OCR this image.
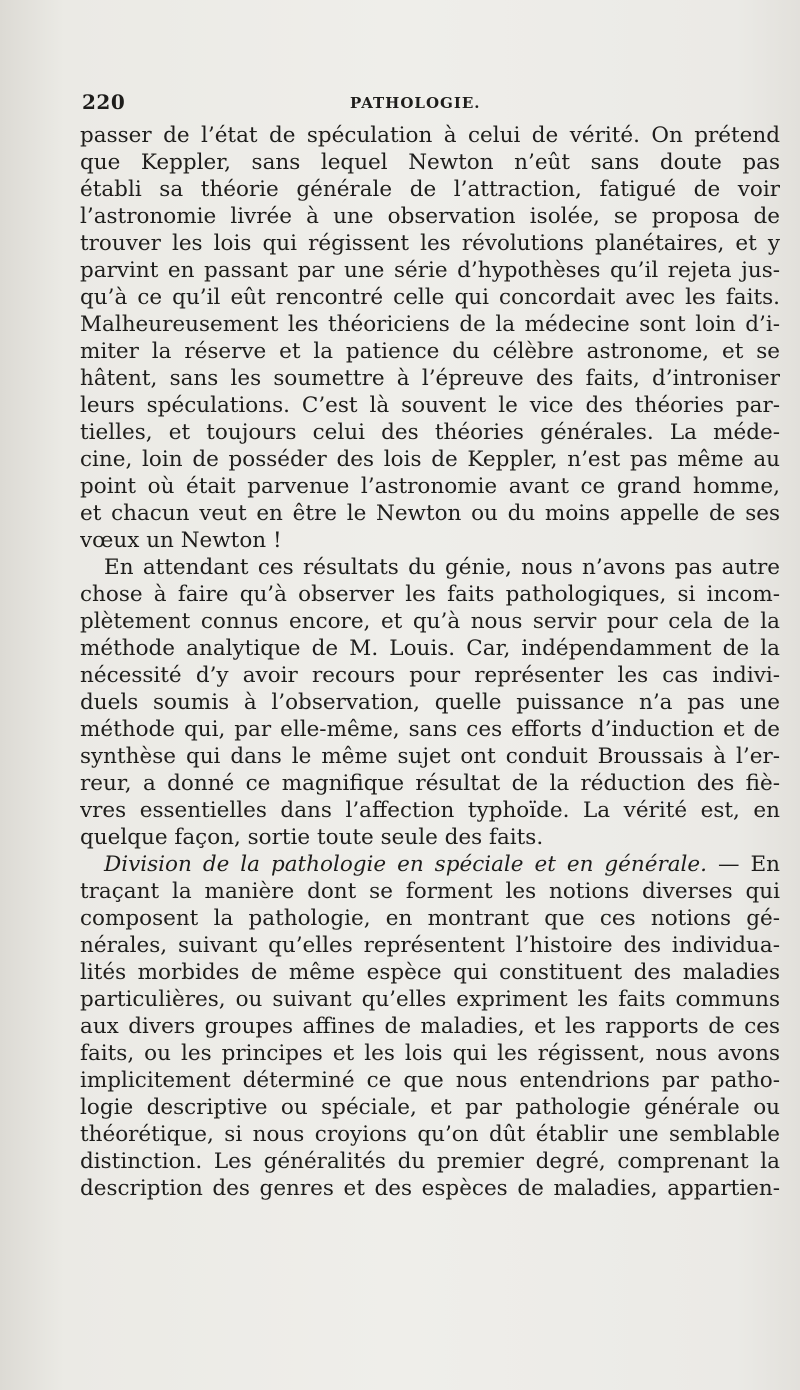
220	PATHOLOGIE.
passer de l’état de spéculation à celui de vérité. On prétend
que Keppler, sans lequel Newton n’eût sans doute pas
établi sa théorie générale de l’attraction, fatigué de voir
l’astronomie livrée à une observation isolée, se proposa de
trouver les lois qui régissent les révolutions planétaires, et y
parvint en passant par une série d’hypothèses qu’il rejeta jus-
qu’à ce qu’il eût rencontré celle qui concordait avec les faits.
Malheureusement les théoriciens de la médecine sont loin d’i-
miter la réserve et la patience du célèbre astronome, et se
hâtent, sans les soumettre à l’épreuve des faits, d’introniser
leurs spéculations. C’est là souvent le vice des théories par-
tielles, et toujours celui des théories générales. La méde-
cine, loin de posséder des lois de Keppler, n’est pas même au
point où était parvenue l’astronomie avant ce grand homme,
et chacun veut en être le Newton ou du moins appelle de ses
vœux un Newton !
En attendant ces résultats du génie, nous n’avons pas autre
chose à faire qu’à observer les faits pathologiques, si incom-
plètement connus encore, et qu’à nous servir pour cela de la
méthode analytique de M. Louis. Car, indépendamment de la
nécessité d’y avoir recours pour représenter les cas indivi-
duels soumis à l’observation, quelle puissance n’a pas une
méthode qui, par elle-même, sans ces efforts d’induction et de
synthèse qui dans le même sujet ont conduit Broussais à l’er-
reur, a donné ce magnifique résultat de la réduction des fiè-
vres essentielles dans l’affection typhoïde. La vérité est, en
quelque façon, sortie toute seule des faits.
Division de la pathologie en spéciale et en générale. — En
traçant la manière dont se forment les notions diverses qui
composent la pathologie, en montrant que ces notions gé-
nérales, suivant qu’elles représentent l’histoire des individua-
lités morbides de même espèce qui constituent des maladies
particulières, ou suivant qu’elles expriment les faits communs
aux divers groupes affines de maladies, et les rapports de ces
faits, ou les principes et les lois qui les régissent, nous avons
implicitement déterminé ce que nous entendrions par patho-
logie descriptive ou spéciale, et par pathologie générale ou
théorétique, si nous croyions qu’on dût établir une semblable
distinction. Les généralités du premier degré, comprenant la
description des genres et des espèces de maladies, appartien-
